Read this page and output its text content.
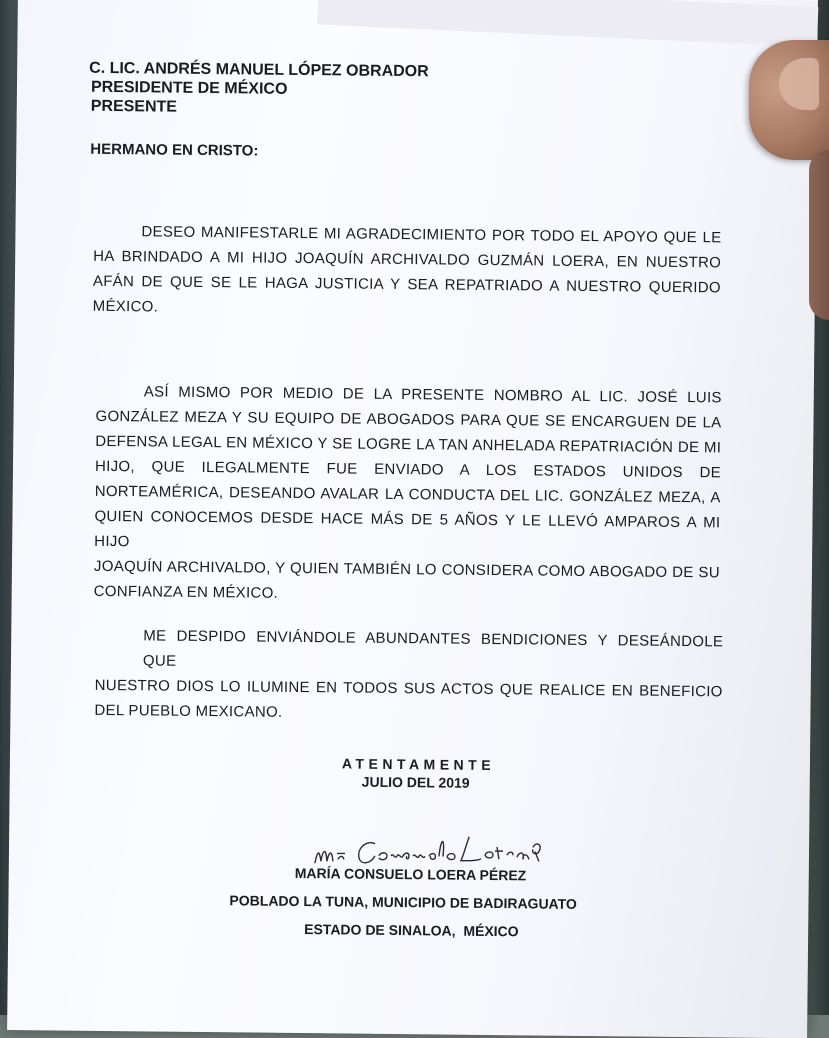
C. LIC. ANDRÉS MANUEL LÓPEZ OBRADOR
PRESIDENTE DE MÉXICO
PRESENTE
HERMANO EN CRISTO:
DESEO MANIFESTARLE MI AGRADECIMIENTO POR TODO EL APOYO QUE LE
HA BRINDADO A MI HIJO JOAQUÍN ARCHIVALDO GUZMÁN LOERA, EN NUESTRO
AFÁN DE QUE SE LE HAGA JUSTICIA Y SEA REPATRIADO A NUESTRO QUERIDO
MÉXICO.
ASÍ MISMO POR MEDIO DE LA PRESENTE NOMBRO AL LIC. JOSÉ LUIS
GONZÁLEZ MEZA Y SU EQUIPO DE ABOGADOS PARA QUE SE ENCARGUEN DE LA
DEFENSA LEGAL EN MÉXICO Y SE LOGRE LA TAN ANHELADA REPATRIACIÓN DE MI
HIJO, QUE ILEGALMENTE FUE ENVIADO A LOS ESTADOS UNIDOS DE
NORTEAMÉRICA, DESEANDO AVALAR LA CONDUCTA DEL LIC. GONZÁLEZ MEZA, A
QUIEN CONOCEMOS DESDE HACE MÁS DE 5 AÑOS Y LE LLEVÓ AMPAROS A MI HIJO
JOAQUÍN ARCHIVALDO, Y QUIEN TAMBIÉN LO CONSIDERA COMO ABOGADO DE SU
CONFIANZA EN MÉXICO.
ME DESPIDO ENVIÁNDOLE ABUNDANTES BENDICIONES Y DESEÁNDOLE QUE
NUESTRO DIOS LO ILUMINE EN TODOS SUS ACTOS QUE REALICE EN BENEFICIO
DEL PUEBLO MEXICANO.
ATENTAMENTE
JULIO DEL 2019
MARÍA CONSUELO LOERA PÉREZ
POBLADO LA TUNA, MUNICIPIO DE BADIRAGUATO
ESTADO DE SINALOA,  MÉXICO
